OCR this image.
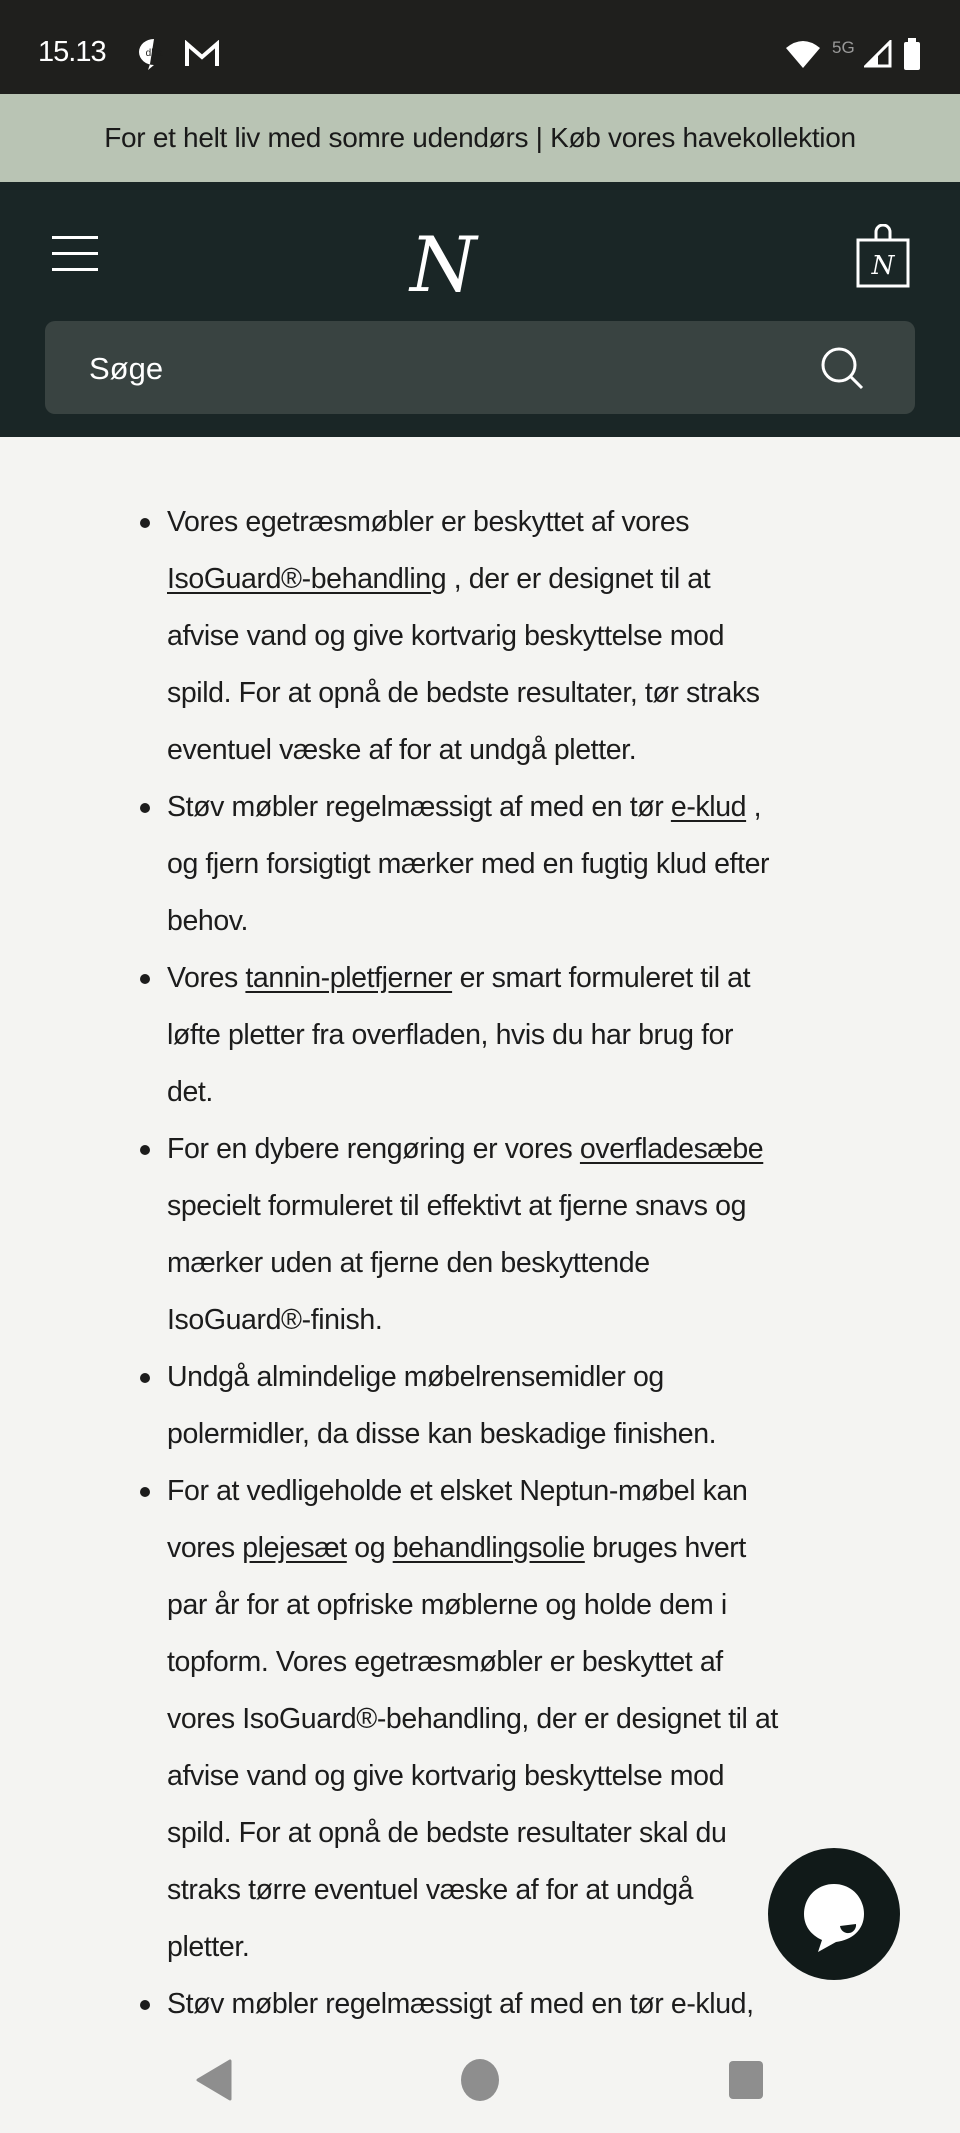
15.13	dba	5G
For et helt liv med somre udendørs | Køb vores havekollektion
N	N
Søge
Vores egetræsmøbler er beskyttet af vores
IsoGuard®-behandling , der er designet til at
afvise vand og give kortvarig beskyttelse mod
spild. For at opnå de bedste resultater, tør straks
eventuel væske af for at undgå pletter.
Støv møbler regelmæssigt af med en tør e-klud ,
og fjern forsigtigt mærker med en fugtig klud efter
behov.
Vores tannin-pletfjerner er smart formuleret til at
løfte pletter fra overfladen, hvis du har brug for
det.
For en dybere rengøring er vores overfladesæbe
specielt formuleret til effektivt at fjerne snavs og
mærker uden at fjerne den beskyttende
IsoGuard®-finish.
Undgå almindelige møbelrensemidler og
polermidler, da disse kan beskadige finishen.
For at vedligeholde et elsket Neptun-møbel kan
vores plejesæt og behandlingsolie bruges hvert
par år for at opfriske møblerne og holde dem i
topform. Vores egetræsmøbler er beskyttet af
vores IsoGuard®-behandling, der er designet til at
afvise vand og give kortvarig beskyttelse mod
spild. For at opnå de bedste resultater skal du
straks tørre eventuel væske af for at undgå
pletter.
Støv møbler regelmæssigt af med en tør e-klud,
